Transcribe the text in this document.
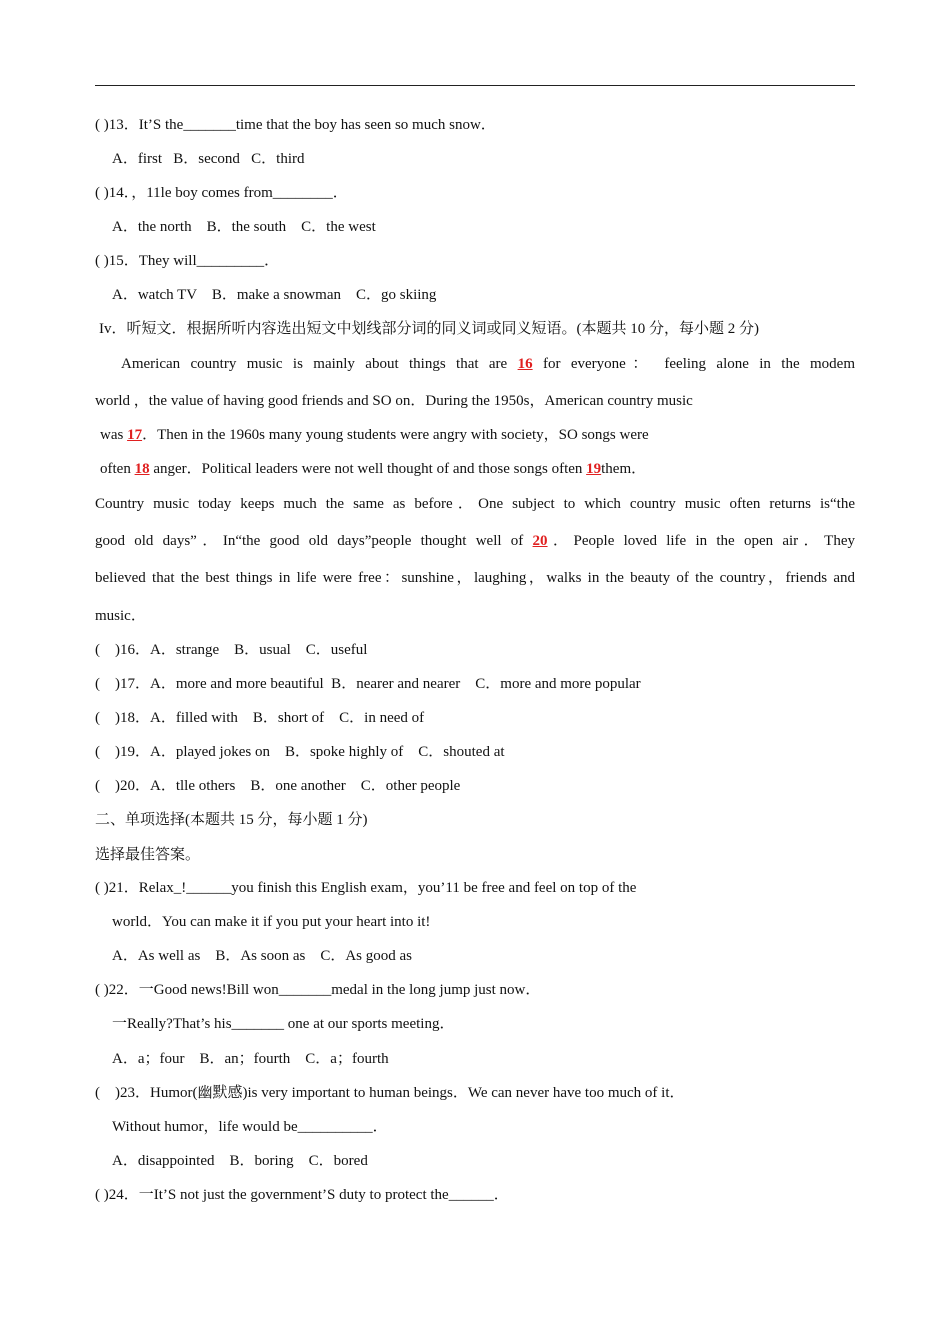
( )13．It’S the_______time that the boy has seen so much snow．
A．first   B．second   C．third
( )14．，11le boy comes from________．
A．the north    B．the south    C．the west
( )15．They will_________．
A．watch TV    B．make a snowman    C．go skiing
Iv．听短文．根据所听内容选出短文中划线部分词的同义词或同义短语。(本题共 10 分，每小题 2 分)
American country music is mainly about things that are 16 for everyone： feeling alone in the modem
world ，the value of having good friends and SO on．During the 1950s，American country music
was 17．Then in the 1960s many young students were angry with society，SO songs were
often 18 anger．Political leaders were not well thought of and those songs often 19them．
Country music today keeps much the same as before．One subject to which country music often returns is“the
good old days”．In“the good old days”people thought well of 20．People loved life in the open air．They
believed that the best things in life were free：sunshine，laughing，walks in the beauty of the country，friends and
music．
(    )16．A．strange    B．usual    C．useful
(    )17．A．more and more beautiful  B．nearer and nearer    C．more and more popular
(    )18．A．filled with    B．short of    C．in need of
(    )19．A．played jokes on    B．spoke highly of    C．shouted at
(    )20．A．tlle others    B．one another    C．other people
二、单项选择(本题共 15 分，每小题 1 分)
选择最佳答案。
( )21．Relax_!______you finish this English exam，you’11 be free and feel on top of the
world．You can make it if you put your heart into it!
A．As well as    B．As soon as    C．As good as
( )22．一Good news!Bill won_______medal in the long jump just now．
一Really?That’s his_______ one at our sports meeting．
A．a；four    B．an；fourth    C．a；fourth
(    )23．Humor(幽默感)is very important to human beings．We can never have too much of it．
Without humor，life would be__________．
A．disappointed    B．boring    C．bored
( )24．一It’S not just the government’S duty to protect the______．
